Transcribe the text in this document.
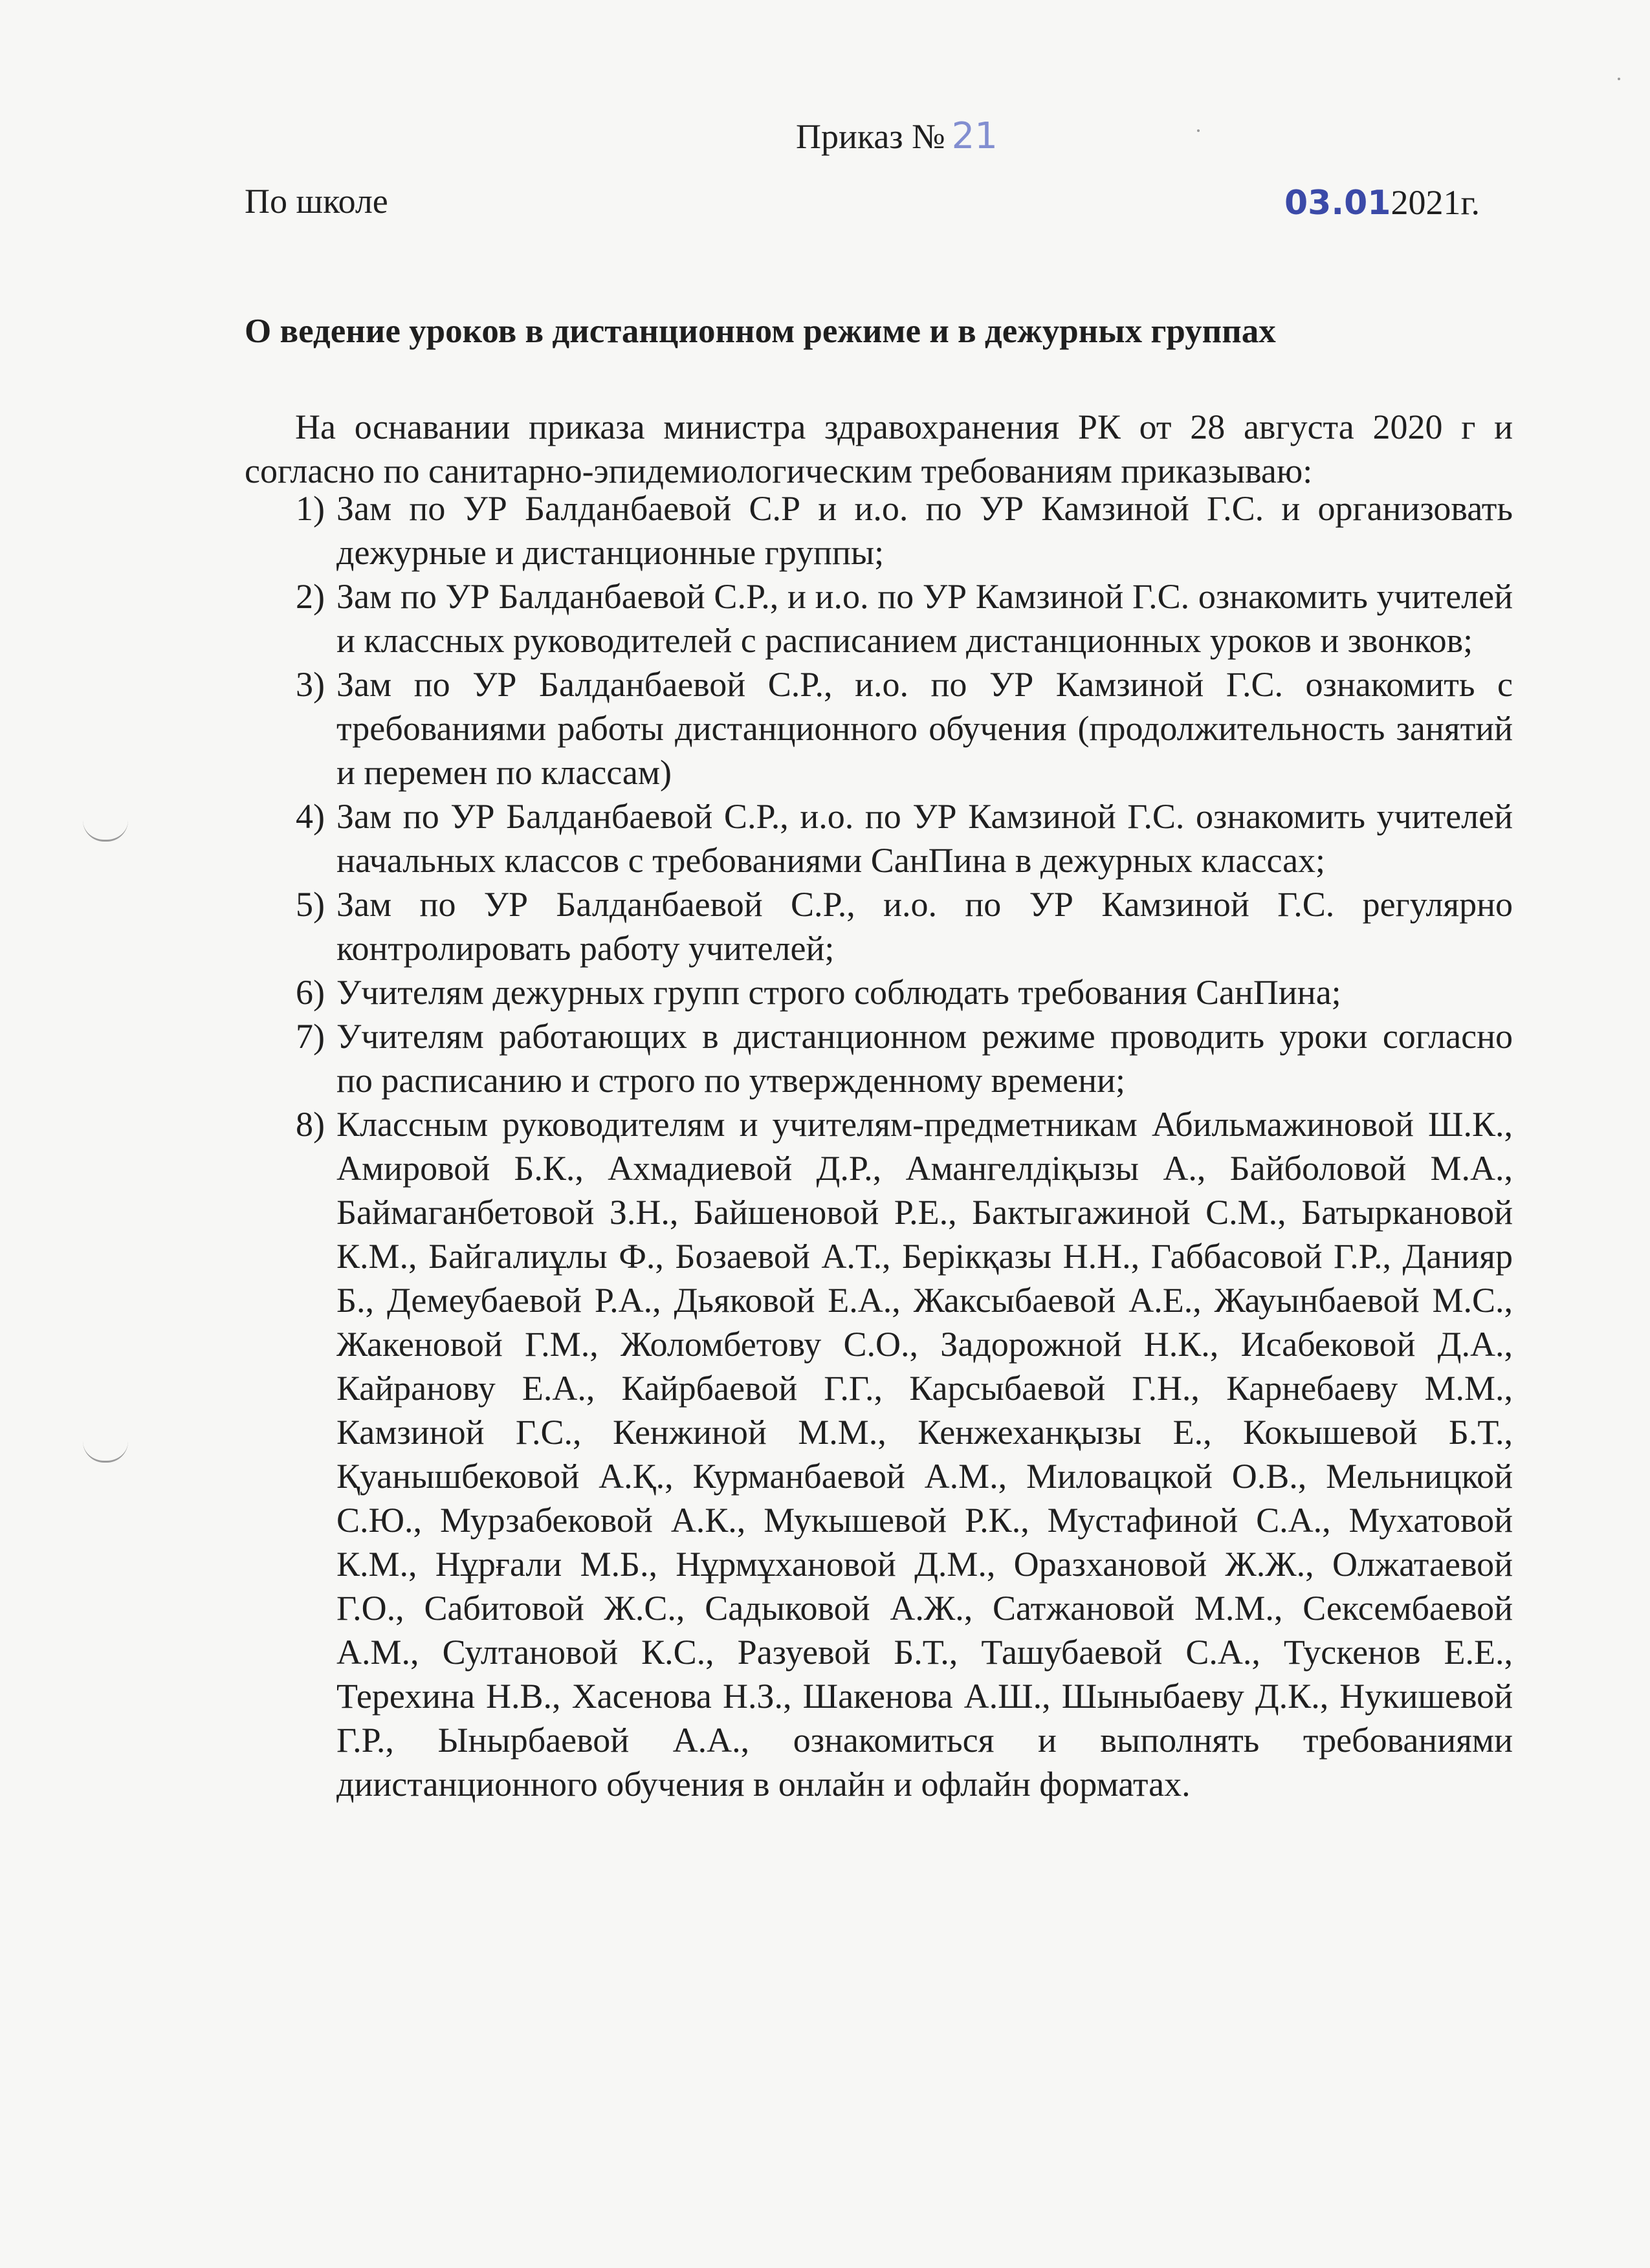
Приказ № 21
По школе	03.012021г.
О ведение уроков в дистанционном режиме и в дежурных группах

На оснавании приказа министра здравохранения РК от 28 августа 2020 г и согласно по санитарно-эпидемиологическим требованиям приказываю:

1) Зам по УР Балданбаевой С.Р и и.о. по УР Камзиной Г.С. и организовать дежурные и дистанционные группы;
2) Зам по УР Балданбаевой С.Р., и и.о. по УР Камзиной Г.С. ознакомить учителей и классных руководителей с расписанием дистанционных уроков и звонков;
3) Зам по УР Балданбаевой С.Р., и.о. по УР Камзиной Г.С. ознакомить с требованиями работы дистанционного обучения (продолжительность занятий и перемен по классам)
4) Зам по УР Балданбаевой С.Р., и.о. по УР Камзиной Г.С. ознакомить учителей начальных классов с требованиями СанПина в дежурных классах;
5) Зам по УР Балданбаевой С.Р., и.о. по УР Камзиной Г.С. регулярно контролировать работу учителей;
6) Учителям дежурных групп строго соблюдать требования СанПина;
7) Учителям работающих в дистанционном режиме проводить уроки согласно по расписанию и строго по утвержденному времени;
8) Классным руководителям и учителям-предметникам Абильмажиновой Ш.К., Амировой Б.К., Ахмадиевой Д.Р., Амангелдіқызы А., Байболовой М.А., Баймаганбетовой З.Н., Байшеновой Р.Е., Бактыгажиной С.М., Батыркановой К.М., Байгалиұлы Ф., Бозаевой А.Т., Берікқазы Н.Н., Габбасовой Г.Р., Данияр Б., Демеубаевой Р.А., Дьяковой Е.А., Жаксыбаевой А.Е., Жауынбаевой М.С., Жакеновой Г.М., Жоломбетову С.О., Задорожной Н.К., Исабековой Д.А., Кайранову Е.А., Кайрбаевой Г.Г., Карсыбаевой Г.Н., Карнебаеву М.М., Камзиной Г.С., Кенжиной М.М., Кенжеханқызы Е., Кокышевой Б.Т., Қуанышбековой А.Қ., Курманбаевой А.М., Миловацкой О.В., Мельницкой С.Ю., Мурзабековой А.К., Мукышевой Р.К., Мустафиной С.А., Мухатовой К.М., Нұрғали М.Б., Нұрмұхановой Д.М., Оразхановой Ж.Ж., Олжатаевой Г.О., Сабитовой Ж.С., Садыковой А.Ж., Сатжановой М.М., Сексембаевой А.М., Султановой К.С., Разуевой Б.Т., Ташубаевой С.А., Тускенов Е.Е., Терехина Н.В., Хасенова Н.З., Шакенова А.Ш., Шыныбаеву Д.К., Нукишевой Г.Р., Ынырбаевой А.А., ознакомиться и выполнять требованиями диистанционного обучения в онлайн и офлайн форматах.
